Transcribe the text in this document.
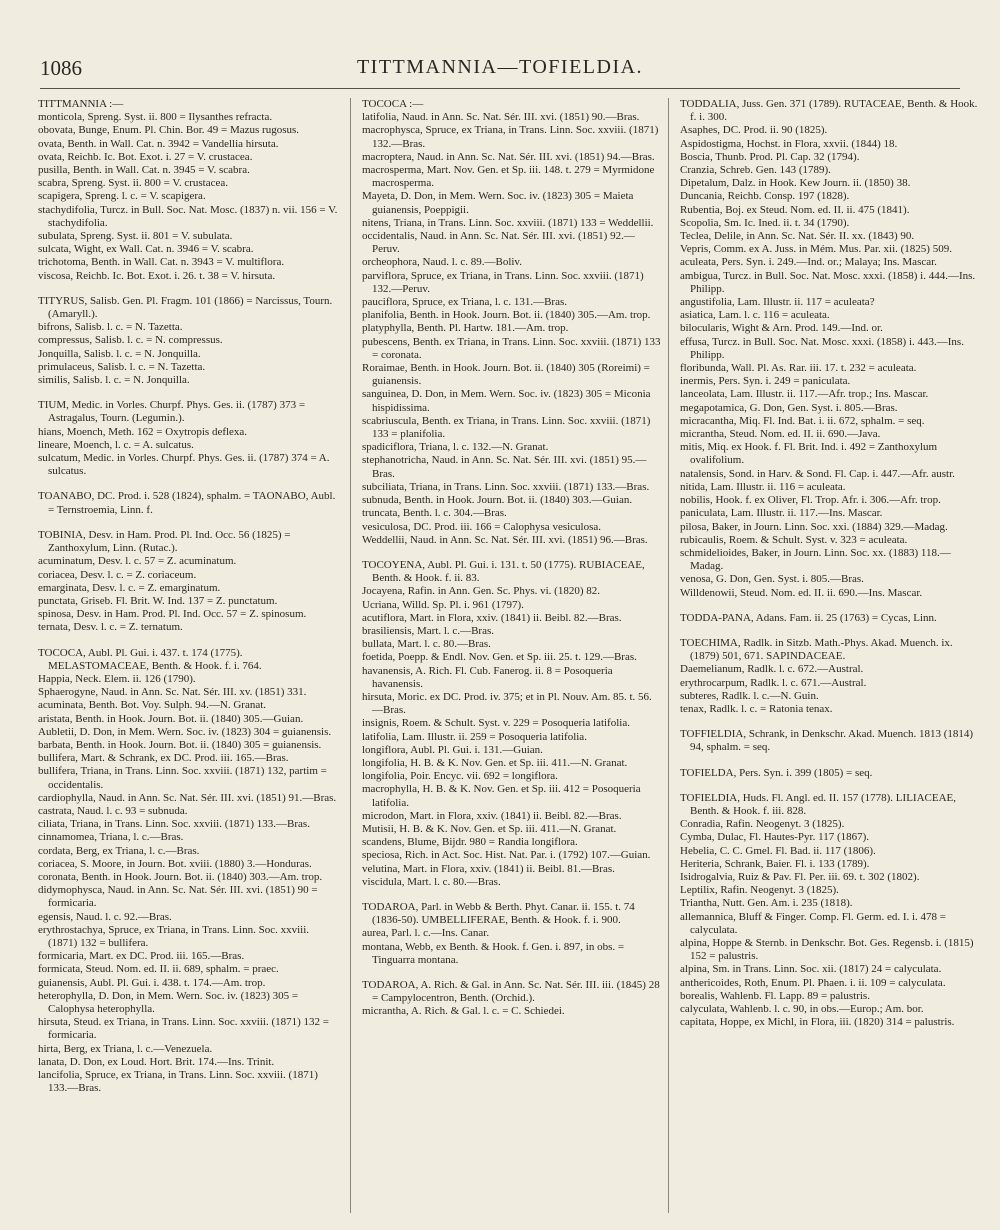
1086	TITTMANNIA—TOFIELDIA.

TITTMANNIA :—

monticola, Spreng. Syst. ii. 800 = Ilysanthes refracta.

obovata, Bunge, Enum. Pl. Chin. Bor. 49 = Mazus rugosus.

ovata, Benth. in Wall. Cat. n. 3942 = Vandellia hirsuta.

ovata, Reichb. Ic. Bot. Exot. i. 27 = V. crustacea.

pusilla, Benth. in Wall. Cat. n. 3945 = V. scabra.

scabra, Spreng. Syst. ii. 800 = V. crustacea.

scapigera, Spreng. l. c. = V. scapigera.

stachydifolia, Turcz. in Bull. Soc. Nat. Mosc. (1837) n. vii. 156 = V. stachydifolia.

subulata, Spreng. Syst. ii. 801 = V. subulata.

sulcata, Wight, ex Wall. Cat. n. 3946 = V. scabra.

trichotoma, Benth. in Wall. Cat. n. 3943 = V. multiflora.

viscosa, Reichb. Ic. Bot. Exot. i. 26. t. 38 = V. hirsuta.

TITYRUS, Salisb. Gen. Pl. Fragm. 101 (1866) = Narcissus, Tourn. (Amaryll.).

bifrons, Salisb. l. c. = N. Tazetta.

compressus, Salisb. l. c. = N. compressus.

Jonquilla, Salisb. l. c. = N. Jonquilla.

primulaceus, Salisb. l. c. = N. Tazetta.

similis, Salisb. l. c. = N. Jonquilla.

TIUM, Medic. in Vorles. Churpf. Phys. Ges. ii. (1787) 373 = Astragalus, Tourn. (Legumin.).

hians, Moench, Meth. 162 = Oxytropis deflexa.

lineare, Moench, l. c. = A. sulcatus.

sulcatum, Medic. in Vorles. Churpf. Phys. Ges. ii. (1787) 374 = A. sulcatus.

TOANABO, DC. Prod. i. 528 (1824), sphalm. = TAONABO, Aubl. = Ternstroemia, Linn. f.

TOBINIA, Desv. in Ham. Prod. Pl. Ind. Occ. 56 (1825) = Zanthoxylum, Linn. (Rutac.).

acuminatum, Desv. l. c. 57 = Z. acuminatum.

coriacea, Desv. l. c. = Z. coriaceum.

emarginata, Desv. l. c. = Z. emarginatum.

punctata, Griseb. Fl. Brit. W. Ind. 137 = Z. punctatum.

spinosa, Desv. in Ham. Prod. Pl. Ind. Occ. 57 = Z. spinosum.

ternata, Desv. l. c. = Z. ternatum.

TOCOCA, Aubl. Pl. Gui. i. 437. t. 174 (1775). MELASTOMACEAE, Benth. & Hook. f. i. 764.

Happia, Neck. Elem. ii. 126 (1790).

Sphaerogyne, Naud. in Ann. Sc. Nat. Sér. III. xv. (1851) 331.

acuminata, Benth. Bot. Voy. Sulph. 94.—N. Granat.

aristata, Benth. in Hook. Journ. Bot. ii. (1840) 305.—Guian.

Aubletii, D. Don, in Mem. Wern. Soc. iv. (1823) 304 = guianensis.

barbata, Benth. in Hook. Journ. Bot. ii. (1840) 305 = guianensis.

bullifera, Mart. & Schrank, ex DC. Prod. iii. 165.—Bras.

bullifera, Triana, in Trans. Linn. Soc. xxviii. (1871) 132, partim = occidentalis.

cardiophylla, Naud. in Ann. Sc. Nat. Sér. III. xvi. (1851) 91.—Bras.

castrata, Naud. l. c. 93 = subnuda.

ciliata, Triana, in Trans. Linn. Soc. xxviii. (1871) 133.—Bras.

cinnamomea, Triana, l. c.—Bras.

cordata, Berg, ex Triana, l. c.—Bras.

coriacea, S. Moore, in Journ. Bot. xviii. (1880) 3.—Honduras.

coronata, Benth. in Hook. Journ. Bot. ii. (1840) 303.—Am. trop.

didymophysca, Naud. in Ann. Sc. Nat. Sér. III. xvi. (1851) 90 = formicaria.

egensis, Naud. l. c. 92.—Bras.

erythrostachya, Spruce, ex Triana, in Trans. Linn. Soc. xxviii. (1871) 132 = bullifera.

formicaria, Mart. ex DC. Prod. iii. 165.—Bras.

formicata, Steud. Nom. ed. II. ii. 689, sphalm. = praec.

guianensis, Aubl. Pl. Gui. i. 438. t. 174.—Am. trop.

heterophylla, D. Don, in Mem. Wern. Soc. iv. (1823) 305 = Calophysa heterophylla.

hirsuta, Steud. ex Triana, in Trans. Linn. Soc. xxviii. (1871) 132 = formicaria.

hirta, Berg, ex Triana, l. c.—Venezuela.

lanata, D. Don, ex Loud. Hort. Brit. 174.—Ins. Trinit.

lancifolia, Spruce, ex Triana, in Trans. Linn. Soc. xxviii. (1871) 133.—Bras.

TOCOCA :—

latifolia, Naud. in Ann. Sc. Nat. Sér. III. xvi. (1851) 90.—Bras.

macrophysca, Spruce, ex Triana, in Trans. Linn. Soc. xxviii. (1871) 132.—Bras.

macroptera, Naud. in Ann. Sc. Nat. Sér. III. xvi. (1851) 94.—Bras.

macrosperma, Mart. Nov. Gen. et Sp. iii. 148. t. 279 = Myrmidone macrosperma.

Mayeta, D. Don, in Mem. Wern. Soc. iv. (1823) 305 = Maieta guianensis, Poeppigii.

nitens, Triana, in Trans. Linn. Soc. xxviii. (1871) 133 = Weddellii.

occidentalis, Naud. in Ann. Sc. Nat. Sér. III. xvi. (1851) 92.—Peruv.

orcheophora, Naud. l. c. 89.—Boliv.

parviflora, Spruce, ex Triana, in Trans. Linn. Soc. xxviii. (1871) 132.—Peruv.

pauciflora, Spruce, ex Triana, l. c. 131.—Bras.

planifolia, Benth. in Hook. Journ. Bot. ii. (1840) 305.—Am. trop.

platyphylla, Benth. Pl. Hartw. 181.—Am. trop.

pubescens, Benth. ex Triana, in Trans. Linn. Soc. xxviii. (1871) 133 = coronata.

Roraimae, Benth. in Hook. Journ. Bot. ii. (1840) 305 (Roreimi) = guianensis.

sanguinea, D. Don, in Mem. Wern. Soc. iv. (1823) 305 = Miconia hispidissima.

scabriuscula, Benth. ex Triana, in Trans. Linn. Soc. xxviii. (1871) 133 = planifolia.

spadiciflora, Triana, l. c. 132.—N. Granat.

stephanotricha, Naud. in Ann. Sc. Nat. Sér. III. xvi. (1851) 95.—Bras.

subciliata, Triana, in Trans. Linn. Soc. xxviii. (1871) 133.—Bras.

subnuda, Benth. in Hook. Journ. Bot. ii. (1840) 303.—Guian.

truncata, Benth. l. c. 304.—Bras.

vesiculosa, DC. Prod. iii. 166 = Calophysa vesiculosa.

Weddellii, Naud. in Ann. Sc. Nat. Sér. III. xvi. (1851) 96.—Bras.

TOCOYENA, Aubl. Pl. Gui. i. 131. t. 50 (1775). RUBIACEAE, Benth. & Hook. f. ii. 83.

Jocayena, Rafin. in Ann. Gen. Sc. Phys. vi. (1820) 82.

Ucriana, Willd. Sp. Pl. i. 961 (1797).

acutiflora, Mart. in Flora, xxiv. (1841) ii. Beibl. 82.—Bras.

brasiliensis, Mart. l. c.—Bras.

bullata, Mart. l. c. 80.—Bras.

foetida, Poepp. & Endl. Nov. Gen. et Sp. iii. 25. t. 129.—Bras.

havanensis, A. Rich. Fl. Cub. Fanerog. ii. 8 = Posoqueria havanensis.

hirsuta, Moric. ex DC. Prod. iv. 375; et in Pl. Nouv. Am. 85. t. 56.—Bras.

insignis, Roem. & Schult. Syst. v. 229 = Posoqueria latifolia.

latifolia, Lam. Illustr. ii. 259 = Posoqueria latifolia.

longiflora, Aubl. Pl. Gui. i. 131.—Guian.

longifolia, H. B. & K. Nov. Gen. et Sp. iii. 411.—N. Granat.

longifolia, Poir. Encyc. vii. 692 = longiflora.

macrophylla, H. B. & K. Nov. Gen. et Sp. iii. 412 = Posoqueria latifolia.

microdon, Mart. in Flora, xxiv. (1841) ii. Beibl. 82.—Bras.

Mutisii, H. B. & K. Nov. Gen. et Sp. iii. 411.—N. Granat.

scandens, Blume, Bijdr. 980 = Randia longiflora.

speciosa, Rich. in Act. Soc. Hist. Nat. Par. i. (1792) 107.—Guian.

velutina, Mart. in Flora, xxiv. (1841) ii. Beibl. 81.—Bras.

viscidula, Mart. l. c. 80.—Bras.

TODAROA, Parl. in Webb & Berth. Phyt. Canar. ii. 155. t. 74 (1836-50). UMBELLIFERAE, Benth. & Hook. f. i. 900.

aurea, Parl. l. c.—Ins. Canar.

montana, Webb, ex Benth. & Hook. f. Gen. i. 897, in obs. = Tinguarra montana.

TODAROA, A. Rich. & Gal. in Ann. Sc. Nat. Sér. III. iii. (1845) 28 = Campylocentron, Benth. (Orchid.).

micrantha, A. Rich. & Gal. l. c. = C. Schiedei.

TODDALIA, Juss. Gen. 371 (1789). RUTACEAE, Benth. & Hook. f. i. 300.

Asaphes, DC. Prod. ii. 90 (1825).

Aspidostigma, Hochst. in Flora, xxvii. (1844) 18.

Boscia, Thunb. Prod. Pl. Cap. 32 (1794).

Cranzia, Schreb. Gen. 143 (1789).

Dipetalum, Dalz. in Hook. Kew Journ. ii. (1850) 38.

Duncania, Reichb. Consp. 197 (1828).

Rubentia, Boj. ex Steud. Nom. ed. II. ii. 475 (1841).

Scopolia, Sm. Ic. Ined. ii. t. 34 (1790).

Teclea, Delile, in Ann. Sc. Nat. Sér. II. xx. (1843) 90.

Vepris, Comm. ex A. Juss. in Mém. Mus. Par. xii. (1825) 509.

aculeata, Pers. Syn. i. 249.—Ind. or.; Malaya; Ins. Mascar.

ambigua, Turcz. in Bull. Soc. Nat. Mosc. xxxi. (1858) i. 444.—Ins. Philipp.

angustifolia, Lam. Illustr. ii. 117 = aculeata?

asiatica, Lam. l. c. 116 = aculeata.

bilocularis, Wight & Arn. Prod. 149.—Ind. or.

effusa, Turcz. in Bull. Soc. Nat. Mosc. xxxi. (1858) i. 443.—Ins. Philipp.

floribunda, Wall. Pl. As. Rar. iii. 17. t. 232 = aculeata.

inermis, Pers. Syn. i. 249 = paniculata.

lanceolata, Lam. Illustr. ii. 117.—Afr. trop.; Ins. Mascar.

megapotamica, G. Don, Gen. Syst. i. 805.—Bras.

micracantha, Miq. Fl. Ind. Bat. i. ii. 672, sphalm. = seq.

micrantha, Steud. Nom. ed. II. ii. 690.—Java.

mitis, Miq. ex Hook. f. Fl. Brit. Ind. i. 492 = Zanthoxylum ovalifolium.

natalensis, Sond. in Harv. & Sond. Fl. Cap. i. 447.—Afr. austr.

nitida, Lam. Illustr. ii. 116 = aculeata.

nobilis, Hook. f. ex Oliver, Fl. Trop. Afr. i. 306.—Afr. trop.

paniculata, Lam. Illustr. ii. 117.—Ins. Mascar.

pilosa, Baker, in Journ. Linn. Soc. xxi. (1884) 329.—Madag.

rubicaulis, Roem. & Schult. Syst. v. 323 = aculeata.

schmidelioides, Baker, in Journ. Linn. Soc. xx. (1883) 118.—Madag.

venosa, G. Don, Gen. Syst. i. 805.—Bras.

Willdenowii, Steud. Nom. ed. II. ii. 690.—Ins. Mascar.

TODDA-PANA, Adans. Fam. ii. 25 (1763) = Cycas, Linn.

TOECHIMA, Radlk. in Sitzb. Math.-Phys. Akad. Muench. ix. (1879) 501, 671. SAPINDACEAE.

Daemelianum, Radlk. l. c. 672.—Austral.

erythrocarpum, Radlk. l. c. 671.—Austral.

subteres, Radlk. l. c.—N. Guin.

tenax, Radlk. l. c. = Ratonia tenax.

TOFFIELDIA, Schrank, in Denkschr. Akad. Muench. 1813 (1814) 94, sphalm. = seq.

TOFIELDA, Pers. Syn. i. 399 (1805) = seq.

TOFIELDIA, Huds. Fl. Angl. ed. II. 157 (1778). LILIACEAE, Benth. & Hook. f. iii. 828.

Conradia, Rafin. Neogenyt. 3 (1825).

Cymba, Dulac, Fl. Hautes-Pyr. 117 (1867).

Hebelia, C. C. Gmel. Fl. Bad. ii. 117 (1806).

Heriteria, Schrank, Baier. Fl. i. 133 (1789).

Isidrogalvia, Ruiz & Pav. Fl. Per. iii. 69. t. 302 (1802).

Leptilix, Rafin. Neogenyt. 3 (1825).

Triantha, Nutt. Gen. Am. i. 235 (1818).

allemannica, Bluff & Finger. Comp. Fl. Germ. ed. I. i. 478 = calyculata.

alpina, Hoppe & Sternb. in Denkschr. Bot. Ges. Regensb. i. (1815) 152 = palustris.

alpina, Sm. in Trans. Linn. Soc. xii. (1817) 24 = calyculata.

anthericoides, Roth, Enum. Pl. Phaen. i. ii. 109 = calyculata.

borealis, Wahlenb. Fl. Lapp. 89 = palustris.

calyculata, Wahlenb. l. c. 90, in obs.—Europ.; Am. bor.

capitata, Hoppe, ex Michl, in Flora, iii. (1820) 314 = palustris.
